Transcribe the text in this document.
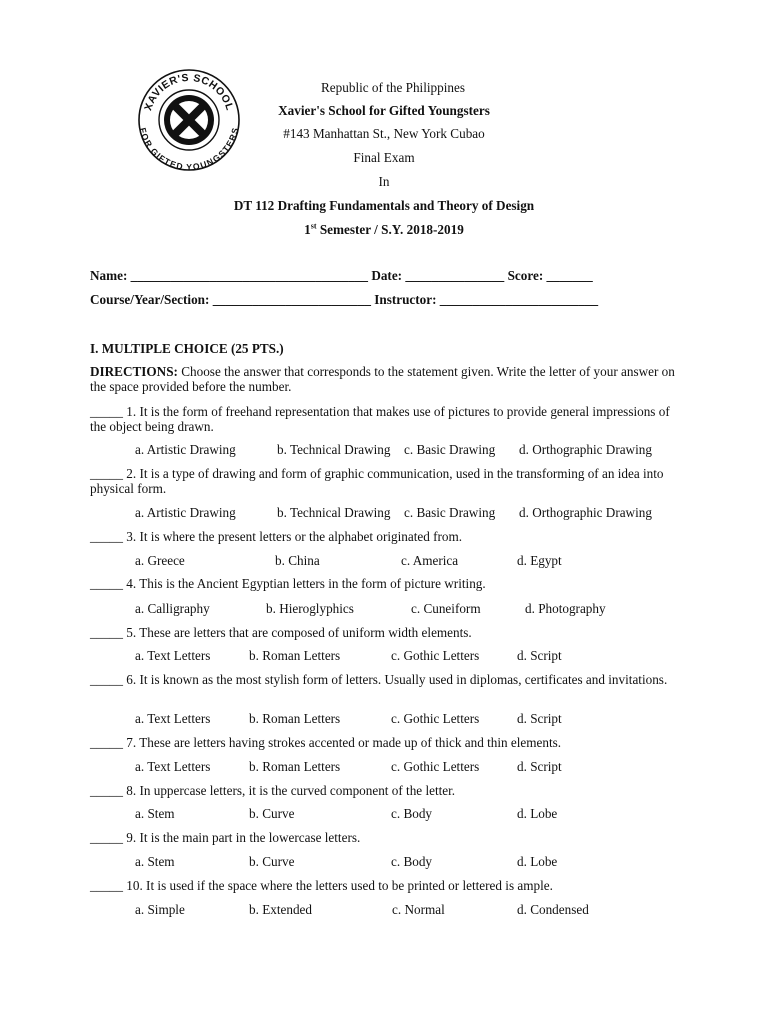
XAVIER'S SCHOOL
FOR GIFTED YOUNGSTERS
Republic of the Philippines
Xavier's School for Gifted Youngsters
#143 Manhattan St., New York Cubao
Final Exam
In
DT 112 Drafting Fundamentals and Theory of Design
1st Semester / S.Y. 2018-2019
Name: ____________________________________ Date: _______________ Score: _______
Course/Year/Section: ________________________ Instructor: ________________________
I. MULTIPLE CHOICE (25 PTS.)
DIRECTIONS: Choose the answer that corresponds to the statement given. Write the letter of your answer on the space provided before the number.
_____ 1. It is the form of freehand representation that makes use of pictures to provide general impressions of the object being drawn.
a. Artistic Drawing	b. Technical Drawing c. Basic Drawing d. Orthographic Drawing
_____ 2. It is a type of drawing and form of graphic communication, used in the transforming of an idea into physical form.
a. Artistic Drawing	b. Technical Drawing c. Basic Drawing d. Orthographic Drawing
_____ 3. It is where the present letters or the alphabet originated from.
a. Greece	b. China	c. America	d. Egypt
_____ 4. This is the Ancient Egyptian letters in the form of picture writing.
a. Calligraphy	b. Hieroglyphics	c. Cuneiform	d. Photography
_____ 5. These are letters that are composed of uniform width elements.
a. Text Letters	b. Roman Letters	c. Gothic Letters	d. Script
_____ 6. It is known as the most stylish form of letters. Usually used in diplomas, certificates and invitations.
a. Text Letters	b. Roman Letters	c. Gothic Letters	d. Script
_____ 7. These are letters having strokes accented or made up of thick and thin elements.
a. Text Letters	b. Roman Letters	c. Gothic Letters	d. Script
_____ 8. In uppercase letters, it is the curved component of the letter.
a. Stem	b. Curve	c. Body	d. Lobe
_____ 9. It is the main part in the lowercase letters.
a. Stem	b. Curve	c. Body	d. Lobe
_____ 10. It is used if the space where the letters used to be printed or lettered is ample.
a. Simple	b. Extended	c. Normal	d. Condensed
